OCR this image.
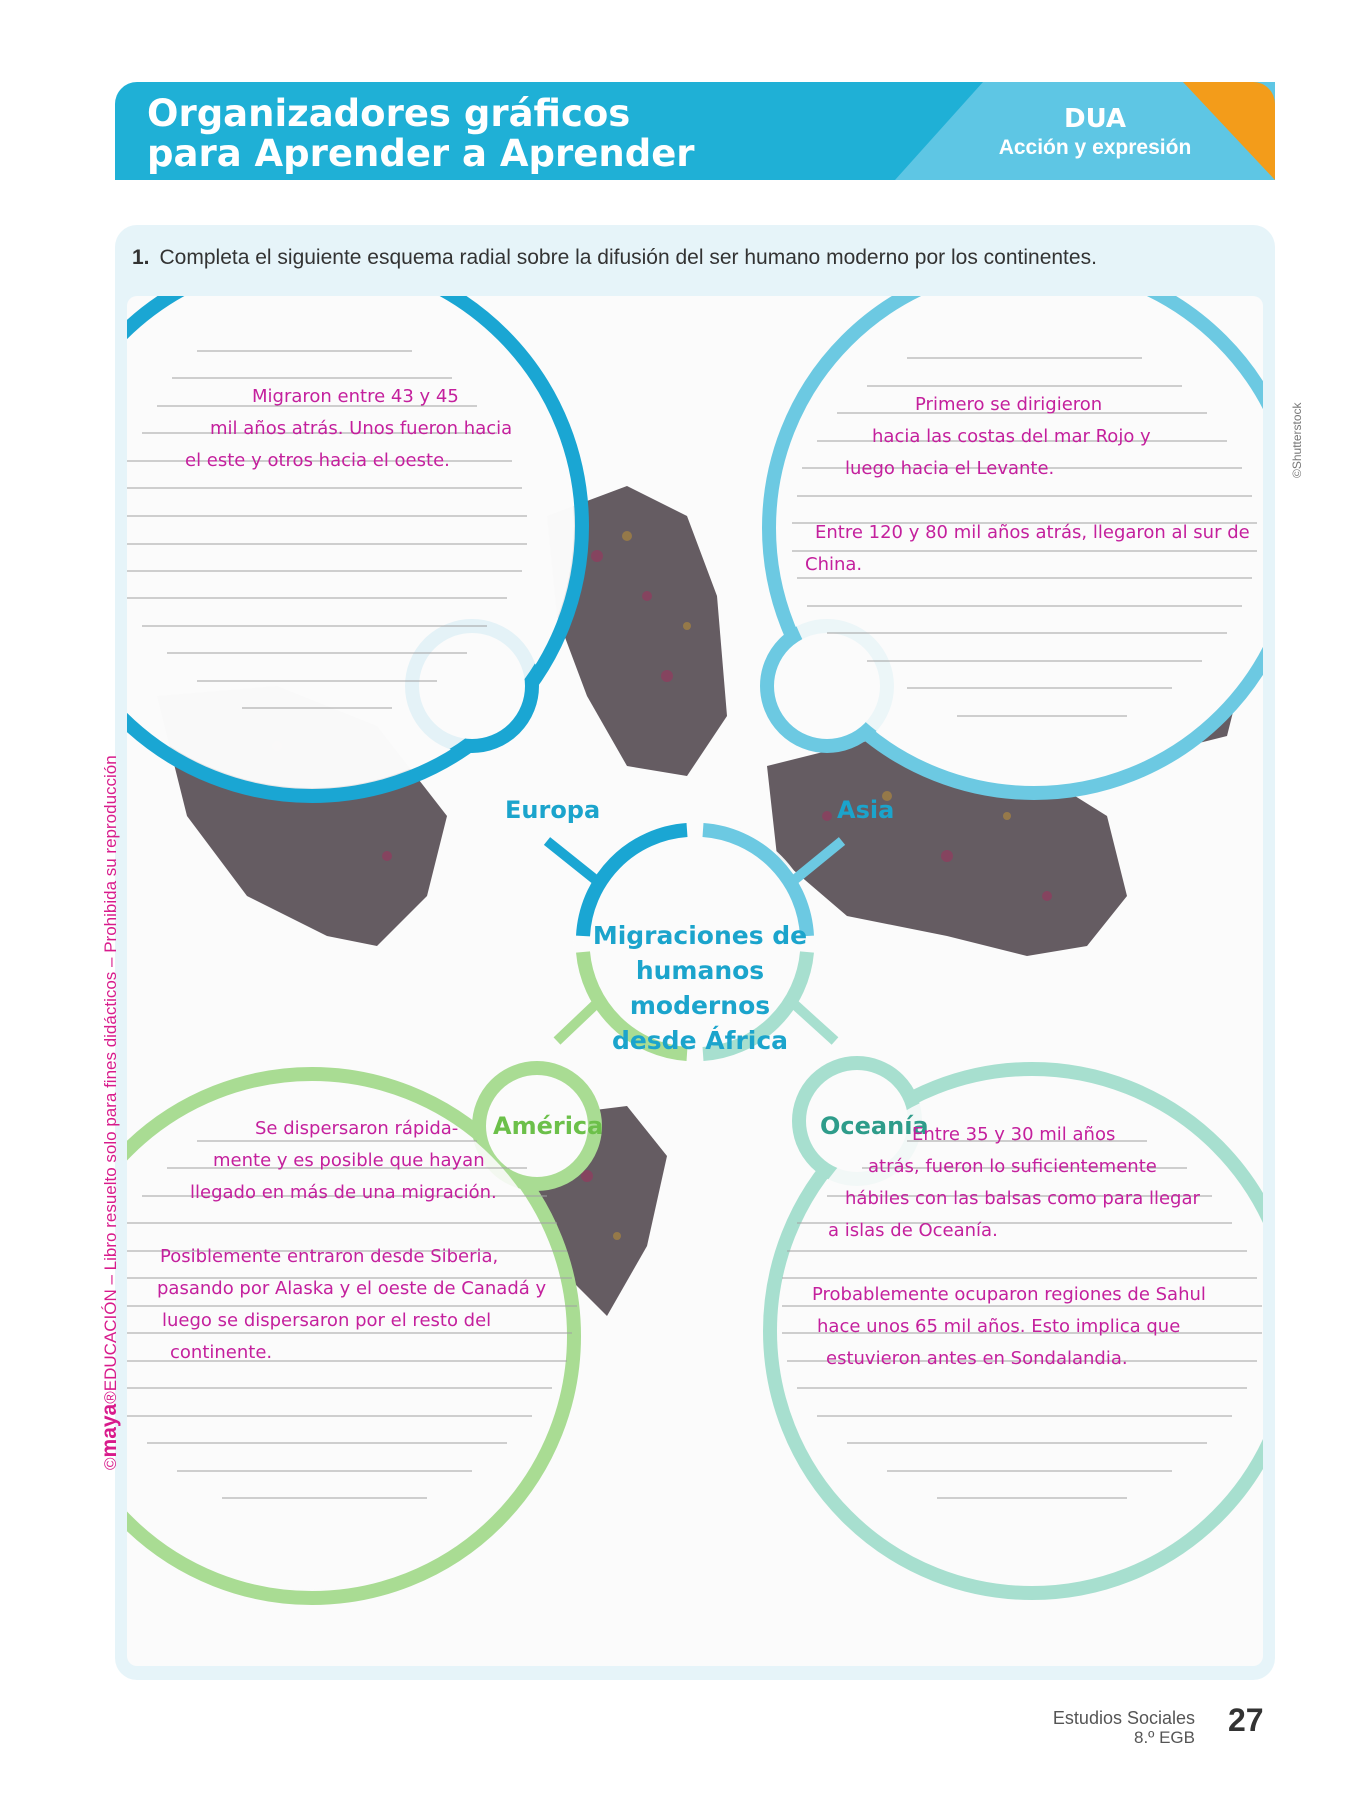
Organizadores gráficos
para Aprender a Aprender
DUA
Acción y expresión
1. Completa el siguiente esquema radial sobre la difusión del ser humano moderno por los continentes.
Migraron entre 43 y 45
mil años atrás. Unos fueron hacia
el este y otros hacia el oeste.
Europa
Primero se dirigieron
hacia las costas del mar Rojo y
luego hacia el Levante.
Entre 120 y 80 mil años atrás, llegaron al sur de
China.
Asia
Migraciones de
humanos modernos
desde África
América
Se dispersaron rápida-
mente y es posible que hayan
llegado en más de una migración.
Posiblemente entraron desde Siberia,
pasando por Alaska y el oeste de Canadá y
luego se dispersaron por el resto del
continente.
Oceanía
Entre 35 y 30 mil años
atrás, fueron lo suficientemente
hábiles con las balsas como para llegar
a islas de Oceanía.
Probablemente ocuparon regiones de Sahul
hace unos 65 mil años. Esto implica que
estuvieron antes en Sondalandia.
©maya®EDUCACIÓN – Libro resuelto solo para fines didácticos – Prohibida su reproducción
©Shutterstock
Estudios Sociales
8.º EGB 27
